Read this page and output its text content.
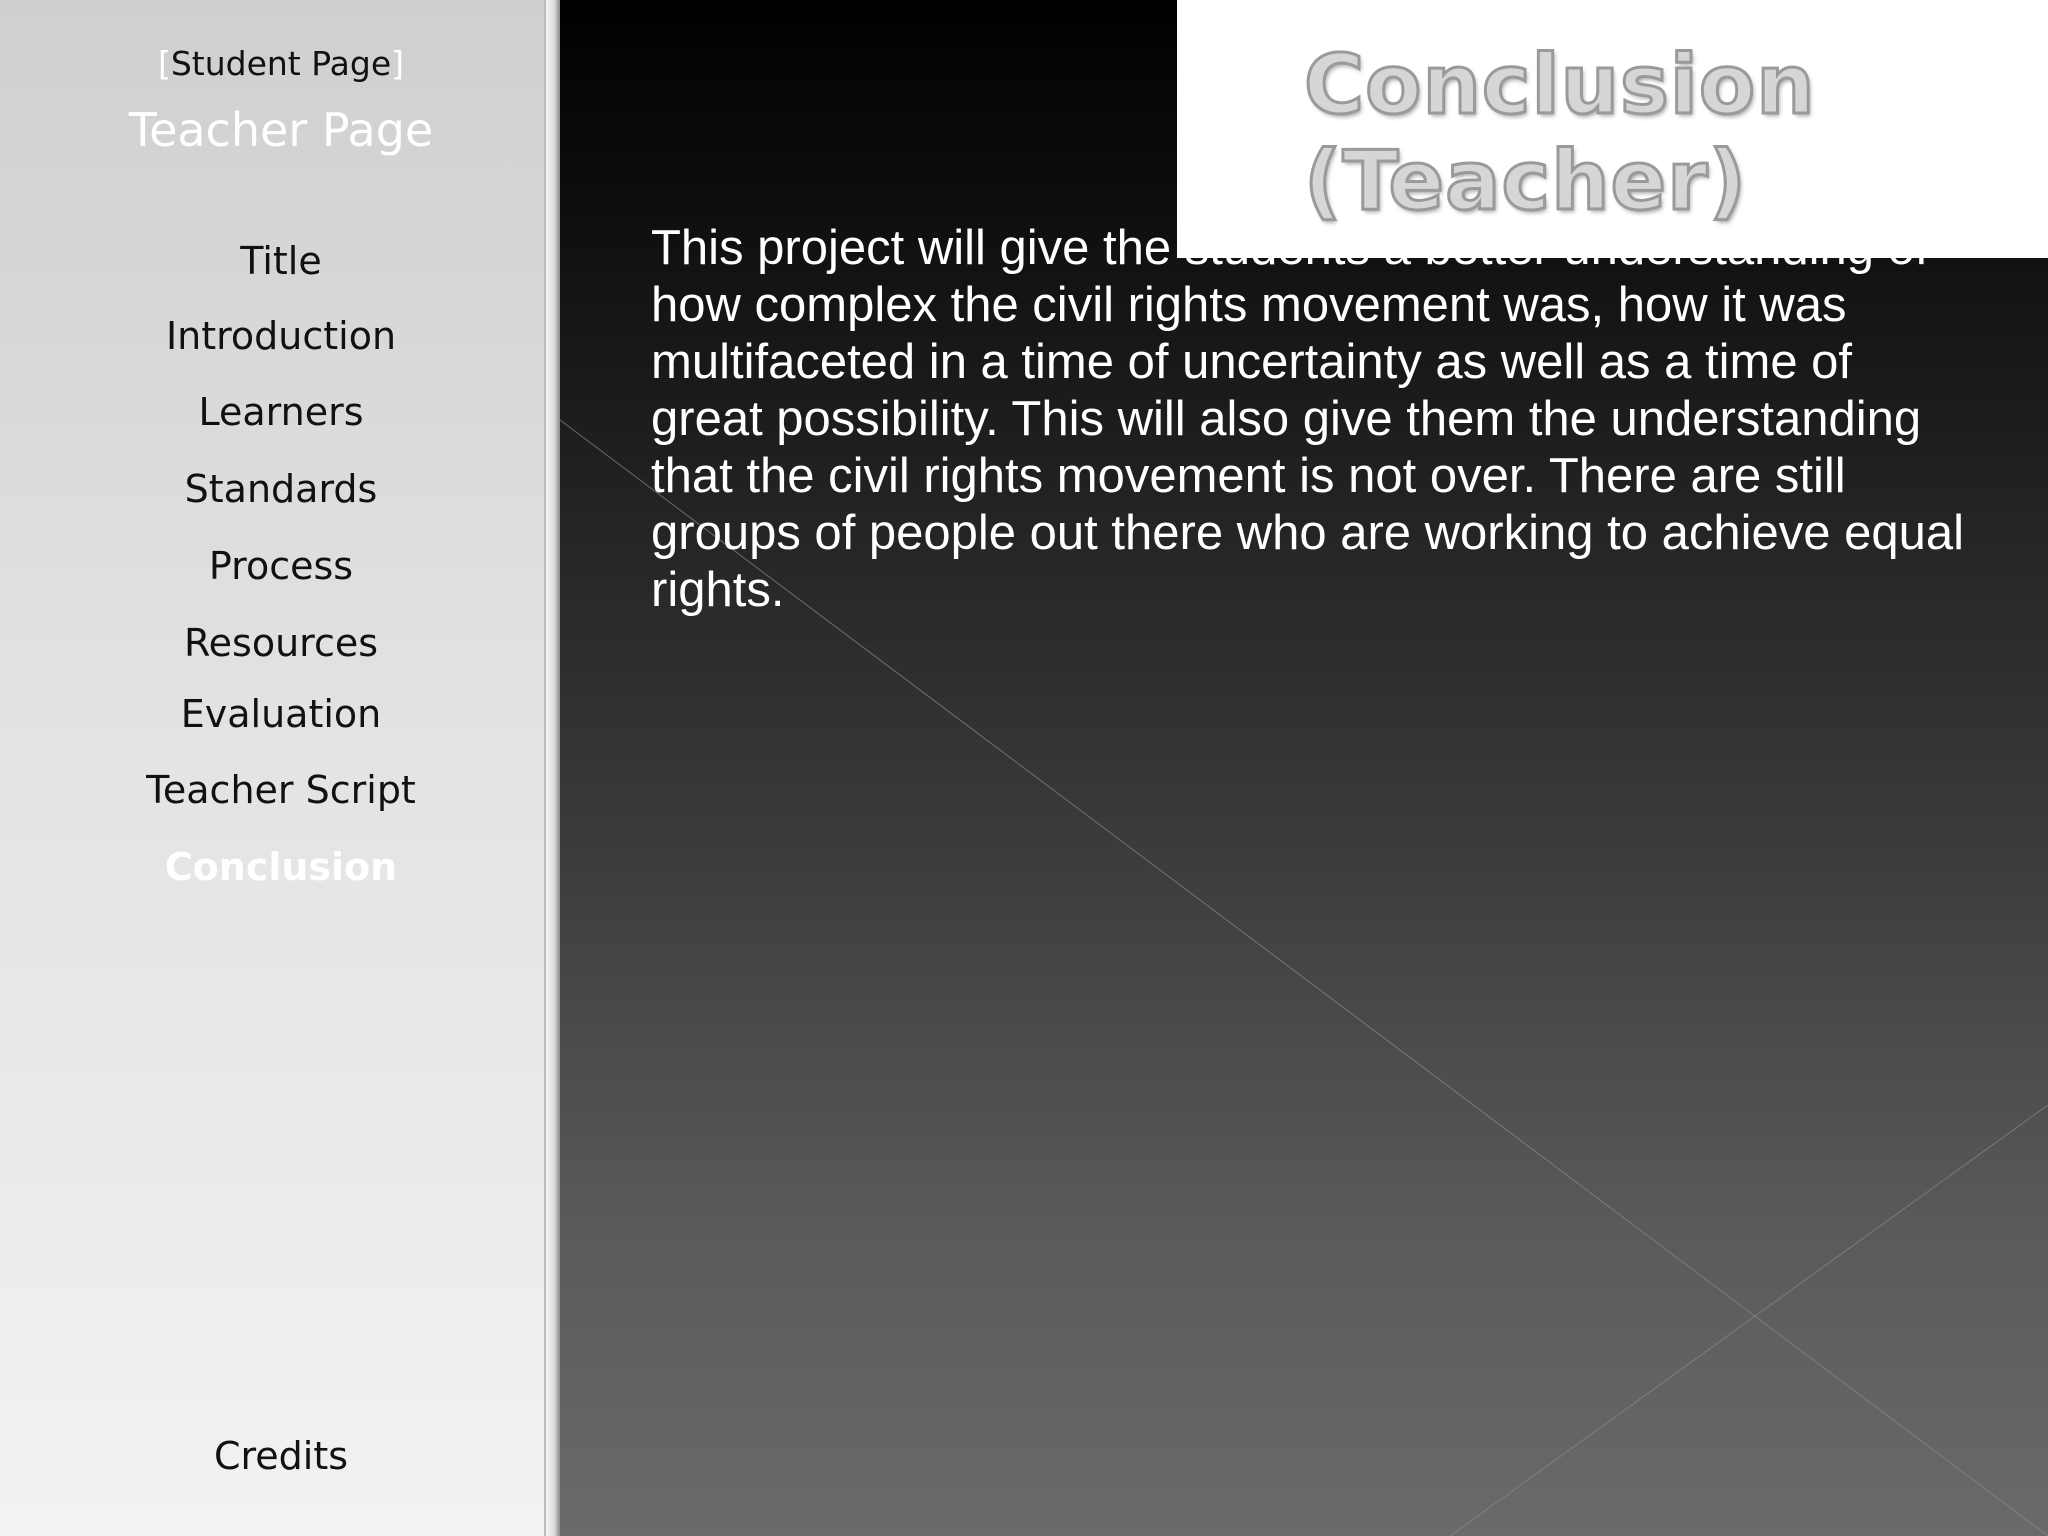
[Student Page]
Teacher Page
Title
Introduction
Learners
Standards
Process
Resources
Evaluation
Teacher Script
Conclusion
Credits
Conclusion (Teacher)

This project will give the students a better understanding of how complex the civil rights movement was, how it was multifaceted in a time of uncertainty as well as a time of great possibility. This will also give them the understanding that the civil rights movement is not over. There are still groups of people out there who are working to achieve equal rights.
